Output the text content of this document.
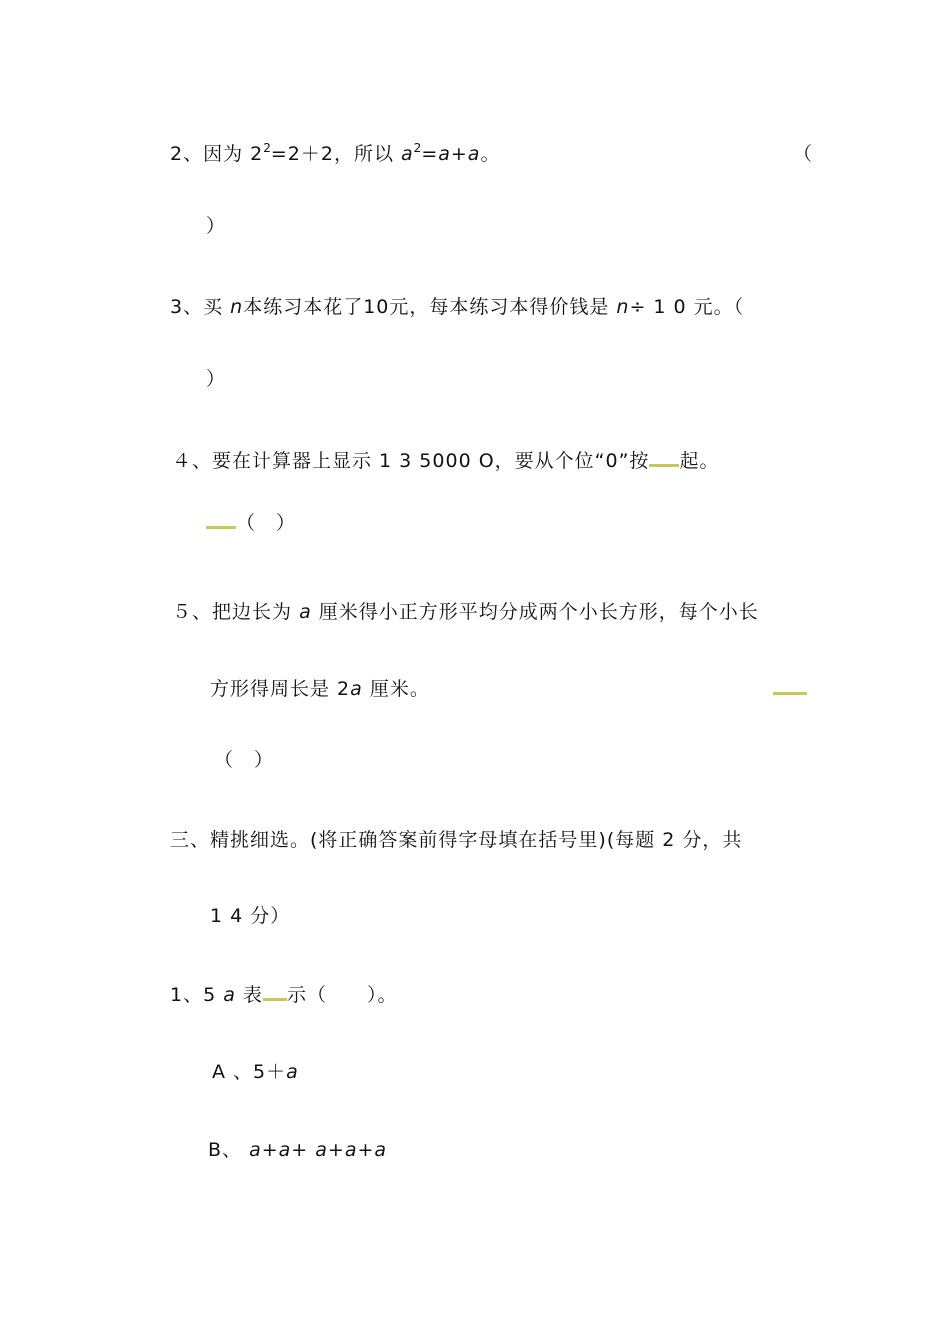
2、因为 $2^2=2+2$，所以 $a^2=a+a$。	（
）
3、买 n本练习本花了10元，每本练习本得价钱是 n÷ 1 0 元。（
）
４、要在计算器上显示 1 3 5000 O，要从个位“0”按 起。
（　）
５、把边长为 a 厘米得小正方形平均分成两个小长方形，每个小长
方形得周长是 2a 厘米。
（　）
三、精挑细选。(将正确答案前得字母填在括号里)(每题 2 分，共
1 4 分）
1、5 a 表 示（　　）。
A 、5＋a
B、 a+a+ a+a+a
